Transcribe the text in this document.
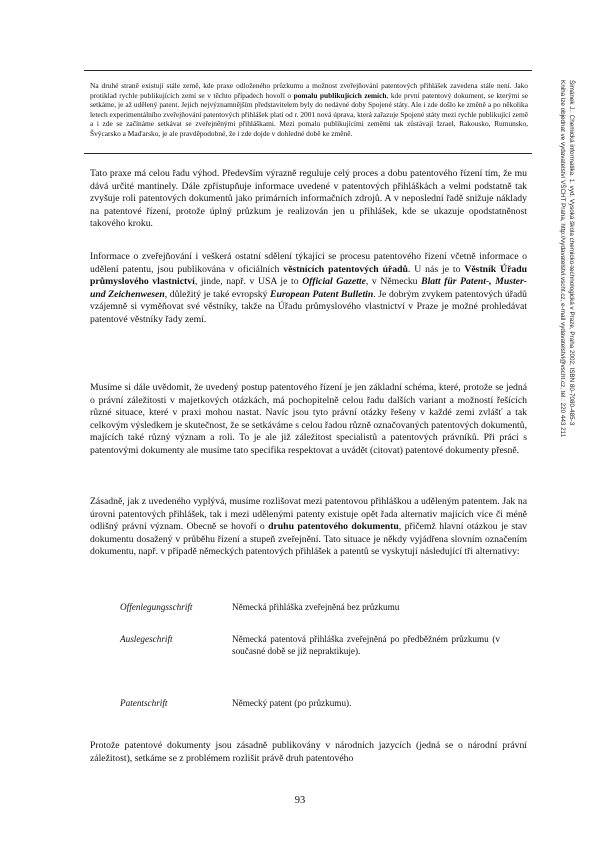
Na druhé straně existují stále země, kde praxe odloženého průzkumu a možnost zveřejňování patentových přihlášek zavedena stále není. Jako protiklad rychle publikujících zemí se v těchto případech hovoří o pomalu publikujících zemích, kde první patentový dokument, se kterými se setkáme, je až udělený patent. Jejich nejvýznamnějším představitelem byly do nedávné doby Spojené státy. Ale i zde došlo ke změně a po několika letech experimentálního zveřejňování patentových přihlášek platí od r. 2001 nová úprava, která zařazuje Spojené státy mezi rychle publikující země a i zde se začínáme setkávat se zveřejněnými přihláškami. Mezi pomalu publikujícími zeměmi tak zůstávají Izrael, Rakousko, Rumunsko, Švýcarsko a Maďarsko, je ale pravděpodobné, že i zde dojde v dohledné době ke změně.

Tato praxe má celou řadu výhod. Především výrazně reguluje celý proces a dobu patentového řízení tím, že mu dává určité mantinely. Dále zpřístupňuje informace uvedené v patentových přihláškách a velmi podstatně tak zvyšuje roli patentových dokumentů jako primárních informačních zdrojů. A v neposlední řadě snižuje náklady na patentové řízení, protože úplný průzkum je realizován jen u přihlášek, kde se ukazuje opodstatněnost takového kroku.

Informace o zveřejňování i veškerá ostatní sdělení týkající se procesu patentového řízení včetně informace o udělení patentu, jsou publikována v oficiálních věstnících patentových úřadů. U nás je to Věstník Úřadu průmyslového vlastnictví, jinde, např. v USA je to Official Gazette, v Německu Blatt für Patent-, Muster- und Zeichenwesen, důležitý je také evropský European Patent Bulletin. Je dobrým zvykem patentových úřadů vzájemně si vyměňovat své věstníky, takže na Úřadu průmyslového vlastnictví v Praze je možné prohledávat patentové věstníky řady zemí.

Musíme si dále uvědomit, že uvedený postup patentového řízení je jen základní schéma, které, protože se jedná o právní záležitosti v majetkových otázkách, má pochopitelně celou řadu dalších variant a možností řešících různé situace, které v praxi mohou nastat. Navíc jsou tyto právní otázky řešeny v každé zemi zvlášť a tak celkovým výsledkem je skutečnost, že se setkáváme s celou řadou různě označovaných patentových dokumentů, majících také různý význam a roli. To je ale již záležitost specialistů a patentových právníků. Při práci s patentovými dokumenty ale musíme tato specifika respektovat a uvádět (citovat) patentové dokumenty přesně.

Zásadně, jak z uvedeného vyplývá, musíme rozlišovat mezi patentovou přihláškou a uděleným patentem. Jak na úrovni patentových přihlášek, tak i mezi udělenými patenty existuje opět řada alternativ majících více či méně odlišný právní význam. Obecně se hovoří o druhu patentového dokumentu, přičemž hlavní otázkou je stav dokumentu dosažený v průběhu řízení a stupeň zveřejnění. Tato situace je někdy vyjádřena slovním označením dokumentu, např. v případě německých patentových přihlášek a patentů se vyskytují následující tři alternativy:

Offenlegungsschrift	Německá přihláška zveřejněná bez průzkumu
Auslegeschrift	Německá patentová přihláška zveřejněná po předběžném průzkumu (v současné době se již nepraktikuje).
Patentschrift	Německý patent (po průzkumu).

Protože patentové dokumenty jsou zásadně publikovány v národních jazycích (jedná se o národní právní záležitost), setkáme se z problémem rozlišit právě druh patentového

93
Šimánek J.: Chemická informatika. 1. vyd. Vysoká škola chemicko-technologická v Praze, Praha 2002, ISBN 80-7080-485-3
Kniha lze objednat ve vydavatelství VŠCHT Praha, http://vydavatelstvi.vscht.cz, e-mail vydavatelstvi@vscht.cz, tel.: 220 443 211
